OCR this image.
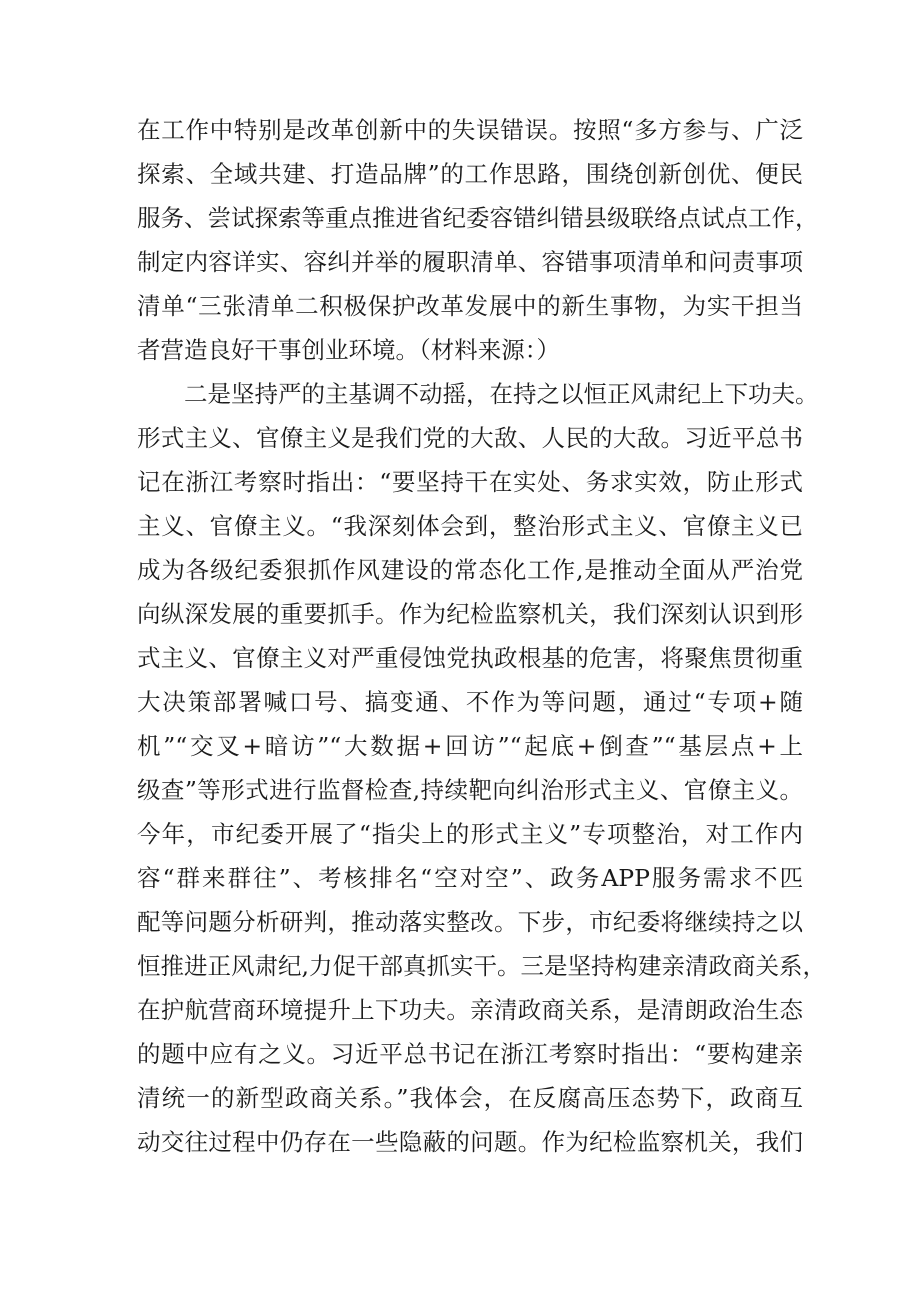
在工作中特别是改革创新中的失误错误。按照“多方参与、广泛
探索、全域共建、打造品牌”的工作思路，围绕创新创优、便民
服务、尝试探索等重点推进省纪委容错纠错县级联络点试点工作，
制定内容详实、容纠并举的履职清单、容错事项清单和问责事项
清单“三张清单二积极保护改革发展中的新生事物，为实干担当
者营造良好干事创业环境。（材料来源：）
二是坚持严的主基调不动摇，在持之以恒正风肃纪上下功夫。
形式主义、官僚主义是我们党的大敌、人民的大敌。习近平总书
记在浙江考察时指出：“要坚持干在实处、务求实效，防止形式
主义、官僚主义。“我深刻体会到，整治形式主义、官僚主义已
成为各级纪委狠抓作风建设的常态化工作,是推动全面从严治党
向纵深发展的重要抓手。作为纪检监察机关，我们深刻认识到形
式主义、官僚主义对严重侵蚀党执政根基的危害，将聚焦贯彻重
大决策部署喊口号、搞变通、不作为等问题，通过“专项+随
机”“交叉+暗访”“大数据+回访”“起底+倒查”“基层点+上
级查”等形式进行监督检查,持续靶向纠治形式主义、官僚主义。
今年，市纪委开展了“指尖上的形式主义”专项整治，对工作内
容“群来群往”、考核排名“空对空”、政务APP服务需求不匹
配等问题分析研判，推动落实整改。下步，市纪委将继续持之以
恒推进正风肃纪,力促干部真抓实干。三是坚持构建亲清政商关系，
在护航营商环境提升上下功夫。亲清政商关系，是清朗政治生态
的题中应有之义。习近平总书记在浙江考察时指出：“要构建亲
清统一的新型政商关系。”我体会，在反腐高压态势下，政商互
动交往过程中仍存在一些隐蔽的问题。作为纪检监察机关，我们
